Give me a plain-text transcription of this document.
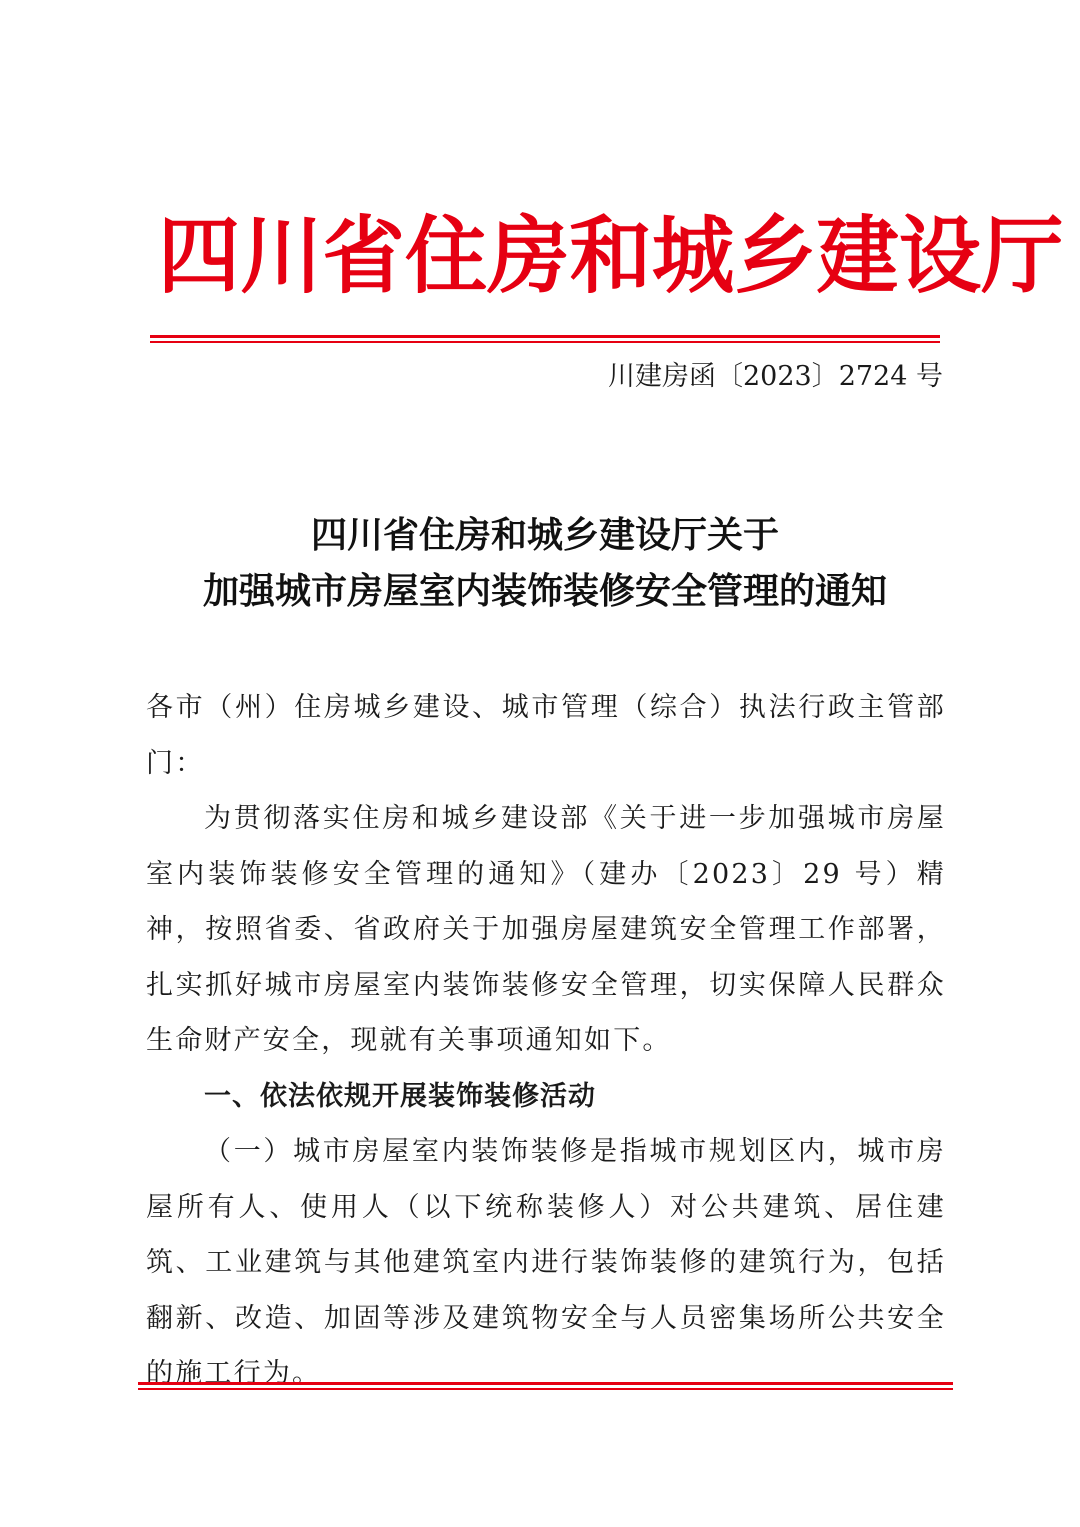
四川省住房和城乡建设厅
川建房函〔2023〕2724 号
四川省住房和城乡建设厅关于
加强城市房屋室内装饰装修安全管理的通知

各市（州）住房城乡建设、城市管理（综合）执法行政主管部门：

为贯彻落实住房和城乡建设部《关于进一步加强城市房屋室内装饰装修安全管理的通知》（建办〔2023〕29 号）精神，按照省委、省政府关于加强房屋建筑安全管理工作部署，扎实抓好城市房屋室内装饰装修安全管理，切实保障人民群众生命财产安全，现就有关事项通知如下。

一、依法依规开展装饰装修活动

（一）城市房屋室内装饰装修是指城市规划区内，城市房屋所有人、使用人（以下统称装修人）对公共建筑、居住建筑、工业建筑与其他建筑室内进行装饰装修的建筑行为，包括翻新、改造、加固等涉及建筑物安全与人员密集场所公共安全的施工行为。
